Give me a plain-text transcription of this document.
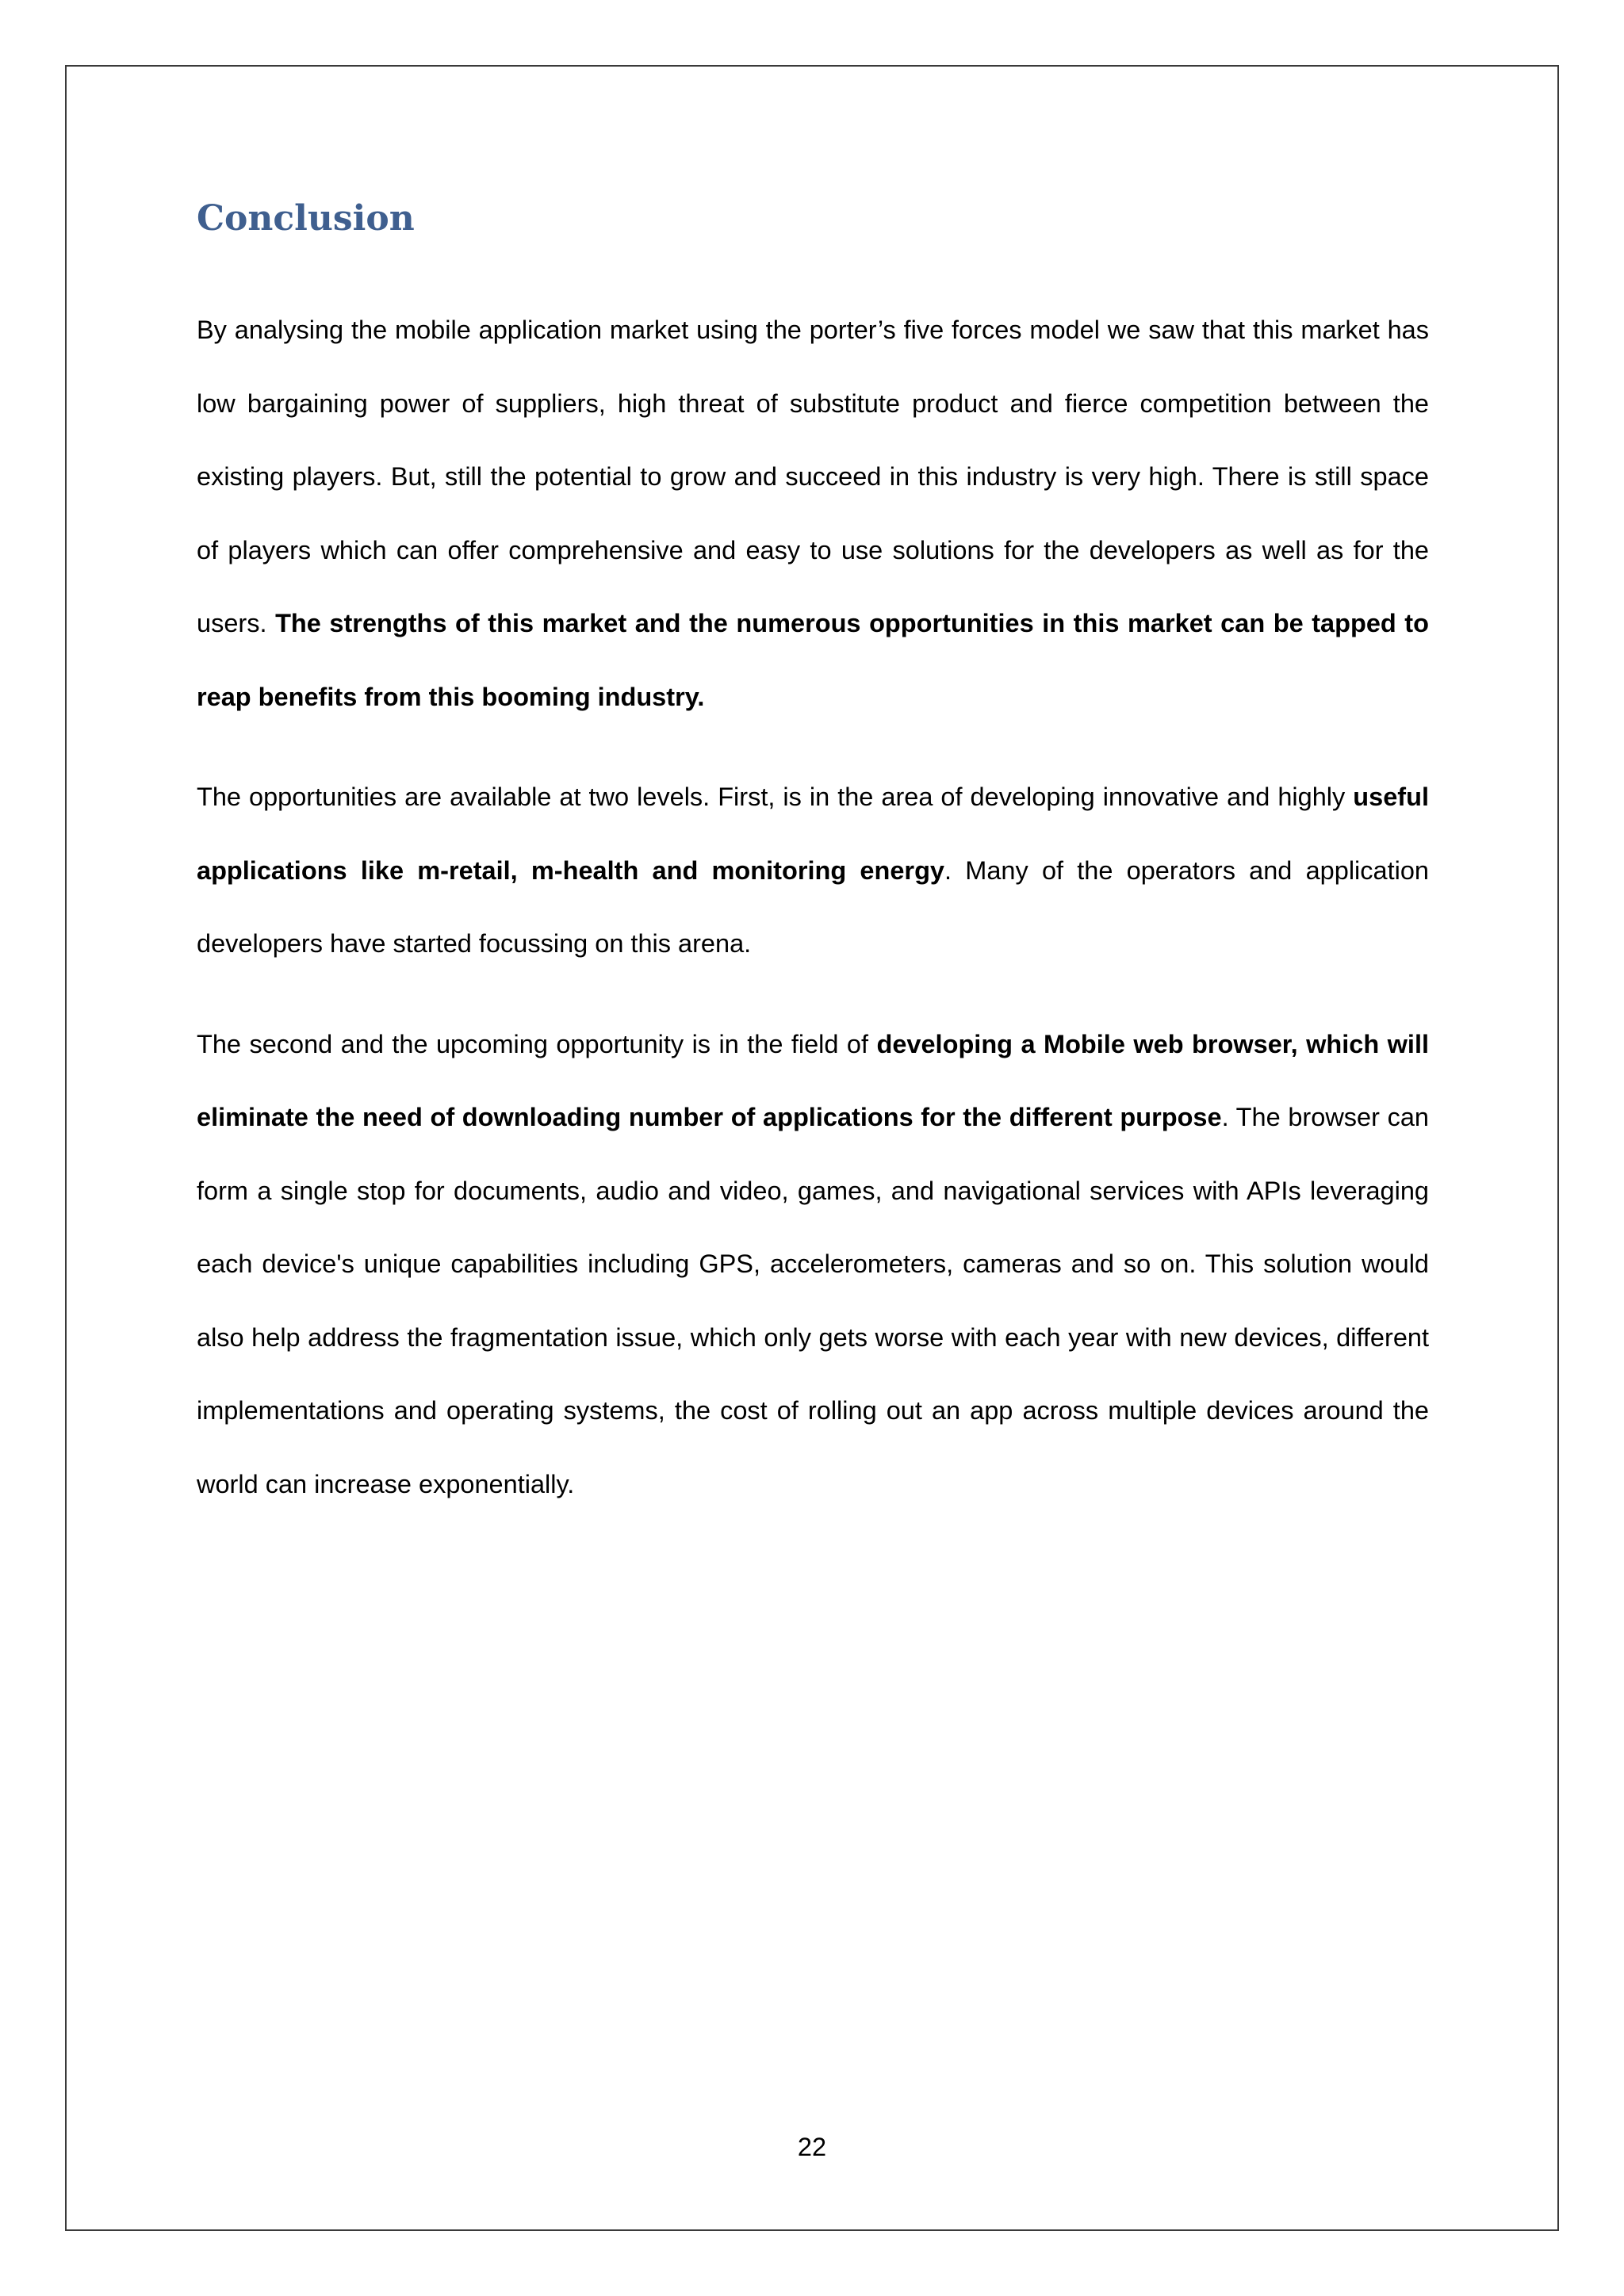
Conclusion

By analysing the mobile application market using the porter’s five forces model we saw that this market has low bargaining power of suppliers, high threat of substitute product and fierce competition between the existing players. But, still the potential to grow and succeed in this industry is very high. There is still space of players which can offer comprehensive and easy to use solutions for the developers as well as for the users. The strengths of this market and the numerous opportunities in this market can be tapped to reap benefits from this booming industry.

The opportunities are available at two levels. First, is in the area of developing innovative and highly useful applications like m-retail, m-health and monitoring energy. Many of the operators and application developers have started focussing on this arena.

The second and the upcoming opportunity is in the field of developing a Mobile web browser, which will eliminate the need of downloading number of applications for the different purpose. The browser can form a single stop for documents, audio and video, games, and navigational services with APIs leveraging each device's unique capabilities including GPS, accelerometers, cameras and so on. This solution would also help address the fragmentation issue, which only gets worse with each year with new devices, different implementations and operating systems, the cost of rolling out an app across multiple devices around the world can increase exponentially.

22
